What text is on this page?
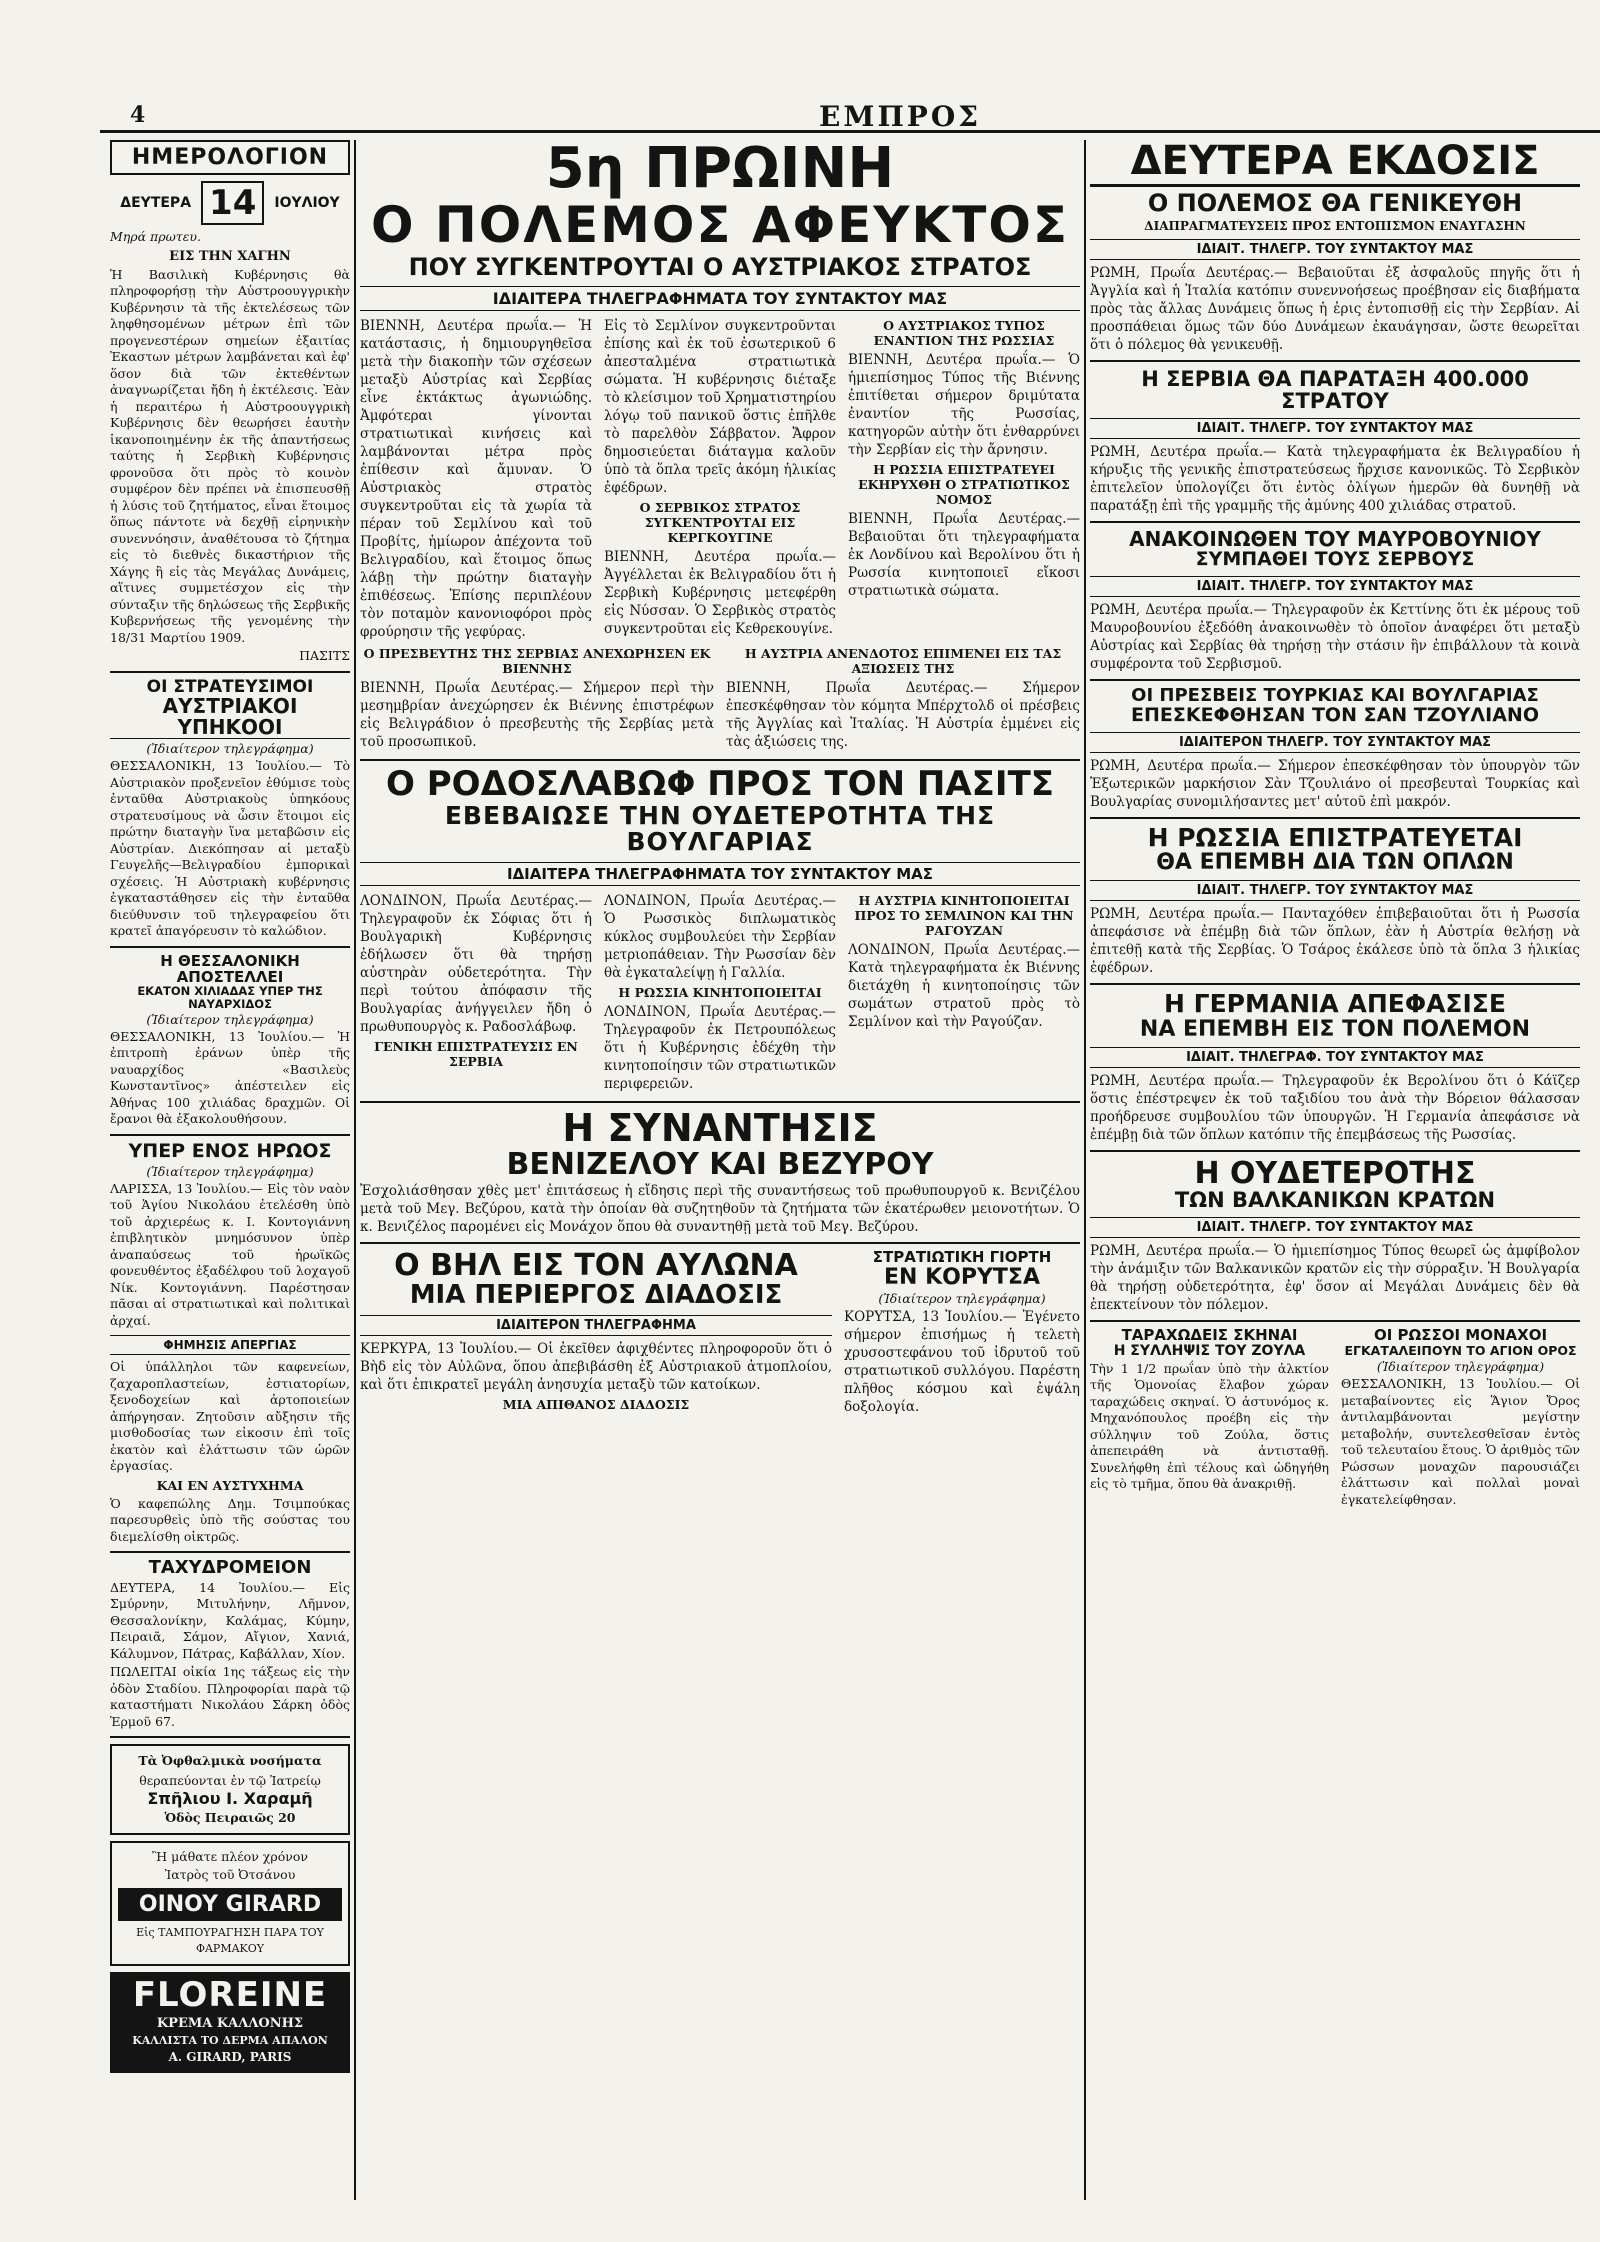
4	ΕΜΠΡΟΣ
ΗΜΕΡΟΛΟΓΙΟΝ
ΔΕΥΤΕΡΑ 14	ΙΟΥΛΙΟΥ
Μηρά πρωτευ.
ΕΙΣ ΤΗΝ ΧΑΓΗΝ
Ἡ Βασιλικὴ Κυβέρνησις θὰ πληροφορήσῃ τὴν Αὐστροουγγρικὴν Κυβέρνησιν τὰ τῆς ἐκτελέσεως τῶν ληφθησομένων μέτρων ἐπὶ τῶν προγενεστέρων σημείων ἐξαιτίας Ἐκαστων μέτρων λαμβάνεται καὶ ἐφ' ὅσον διὰ τῶν ἐκτεθέντων ἀναγνωρίζεται ἤδη ἡ ἐκτέλεσις. Ἐὰν ἡ περαιτέρω ἡ Αὐστροουγγρικὴ Κυβέρνησις δὲν θεωρήσει ἑαυτὴν ἱκανοποιημένην ἐκ τῆς ἀπαντήσεως ταύτης ἡ Σερβικὴ Κυβέρνησις φρονοῦσα ὅτι πρὸς τὸ κοινὸν συμφέρον δὲν πρέπει νὰ ἐπισπευσθῇ ἡ λύσις τοῦ ζητήματος, εἶναι ἕτοιμος ὅπως πάντοτε νὰ δεχθῇ εἰρηνικὴν συνεννόησιν, ἀναθέτουσα τὸ ζήτημα εἰς τὸ διεθνὲς δικαστήριον τῆς Χάγης ἢ εἰς τὰς Μεγάλας Δυνάμεις, αἵτινες συμμετέσχον εἰς τὴν σύνταξιν τῆς δηλώσεως τῆς Σερβικῆς Κυβερνήσεως τῆς γενομένης τὴν 18/31 Μαρτίου 1909.
ΠΑΣΙΤΣ
ΟΙ ΣΤΡΑΤΕΥΣΙΜΟΙ
ΑΥΣΤΡΙΑΚΟΙ ΥΠΗΚΟΟΙ
(Ἰδιαίτερον τηλεγράφημα)
ΘΕΣΣΑΛΟΝΙΚΗ, 13 Ἰουλίου.— Τὸ Αὐστριακὸν προξενεῖον ἐθύμισε τοὺς ἐνταῦθα Αὐστριακοὺς ὑπηκόους στρατευσίμους νὰ ὦσιν ἕτοιμοι εἰς πρώτην διαταγὴν ἵνα μεταβῶσιν εἰς Αὐστρίαν. Διεκόπησαν αἱ μεταξὺ Γευγελῆς—Βελιγραδίου ἐμπορικαὶ σχέσεις. Ἡ Αὐστριακὴ κυβέρνησις ἐγκαταστάθησεν εἰς τὴν ἐνταῦθα διεύθυνσιν τοῦ τηλεγραφείου ὅτι κρατεῖ ἀπαγόρευσιν τὸ καλώδιον.
Η ΘΕΣΣΑΛΟΝΙΚΗ ΑΠΟΣΤΕΛΛΕΙ
ΕΚΑΤΟΝ ΧΙΛΙΑΔΑΣ ΥΠΕΡ ΤΗΣ ΝΑΥΑΡΧΙΔΟΣ
(Ἰδιαίτερον τηλεγράφημα)
ΘΕΣΣΑΛΟΝΙΚΗ, 13 Ἰουλίου.— Ἡ ἐπιτροπὴ ἐράνων ὑπὲρ τῆς ναυαρχίδος «Βασιλεὺς Κωνσταντῖνος» ἀπέστειλεν εἰς Ἀθήνας 100 χιλιάδας δραχμῶν. Οἱ ἔρανοι θὰ ἐξακολουθήσουν.
ΥΠΕΡ ΕΝΟΣ ΗΡΩΟΣ
(Ἰδιαίτερον τηλεγράφημα)
ΛΑΡΙΣΣΑ, 13 Ἰουλίου.— Εἰς τὸν ναὸν τοῦ Ἁγίου Νικολάου ἐτελέσθη ὑπὸ τοῦ ἀρχιερέως κ. Ι. Κοντογιάννη ἐπιβλητικὸν μνημόσυνον ὑπὲρ ἀναπαύσεως τοῦ ἡρωϊκῶς φονευθέντος ἐξαδέλφου τοῦ λοχαγοῦ Νίκ. Κοντογιάννη. Παρέστησαν πᾶσαι αἱ στρατιωτικαὶ καὶ πολιτικαὶ ἀρχαί.
ΦΗΜΗΣΙΣ ΑΠΕΡΓΙΑΣ
Οἱ ὑπάλληλοι τῶν καφενείων, ζαχαροπλαστείων, ἑστιατορίων, ξενοδοχείων καὶ ἀρτοποιείων ἀπήργησαν. Ζητοῦσιν αὔξησιν τῆς μισθοδοσίας των εἰκοσιν ἐπὶ τοῖς ἑκατὸν καὶ ἐλάττωσιν τῶν ὡρῶν ἐργασίας.
ΚΑΙ ΕΝ ΑΥΣΤΥΧΗΜΑ
Ὁ καφεπώλης Δημ. Τσιμπούκας παρεσυρθεὶς ὑπὸ τῆς σούστας του διεμελίσθη οἰκτρῶς.
ΤΑΧΥΔΡΟΜΕΙΟΝ
ΔΕΥΤΕΡΑ, 14 Ἰουλίου.— Εἰς Σμύρνην, Μιτυλήνην, Λῆμνον, Θεσσαλονίκην, Καλάμας, Κύμην, Πειραιᾶ, Σάμον, Αἴγιον, Χανιά, Κάλυμνον, Πάτρας, Καβάλλαν, Χίον.
ΠΩΛΕΙΤΑΙ οἰκία 1ης τάξεως εἰς τὴν ὁδὸν Σταδίου. Πληροφορίαι παρὰ τῷ καταστήματι Νικολάου Σάρκη ὁδὸς Ἑρμοῦ 67.
Τὰ Ὀφθαλμικὰ νοσήματα
θεραπεύονται ἐν τῷ Ἰατρείῳ
Σπῆλιου Ι. Χαραμῆ
Ὁδὸς Πειραιῶς 20
Ἢ μάθατε πλέον χρόνον
Ἰατρὸς τοῦ Ὀτσάνου
OINOY GIRARD
Εἰς ΤΑΜΠΟΥΡΑΓΗΣΗ ΠΑΡΑ ΤΟΥ ΦΑΡΜΑΚΟΥ
FLOREINE
ΚΡΕΜΑ ΚΑΛΛΟΝΗΣ
ΚΑΛΛΙΣΤΑ ΤΟ ΔΕΡΜΑ ΑΠΑΛΟΝ
A. GIRARD, PARIS
5η ΠΡΩΙΝΗ
Ο ΠΟΛΕΜΟΣ ΑΦΕΥΚΤΟΣ
ΠΟΥ ΣΥΓΚΕΝΤΡΟΥΤΑΙ Ο ΑΥΣΤΡΙΑΚΟΣ ΣΤΡΑΤΟΣ
ΙΔΙΑΙΤΕΡΑ ΤΗΛΕΓΡΑΦΗΜΑΤΑ ΤΟΥ ΣΥΝΤΑΚΤΟΥ ΜΑΣ
ΒΙΕΝΝΗ, Δευτέρα πρωΐα.— Ἡ κατάστασις, ἡ δημιουργηθεῖσα μετὰ τὴν διακοπὴν τῶν σχέσεων μεταξὺ Αὐστρίας καὶ Σερβίας εἶνε ἐκτάκτως ἀγωνιώδης. Ἀμφότεραι γίνονται στρατιωτικαὶ κινήσεις καὶ λαμβάνονται μέτρα πρὸς ἐπίθεσιν καὶ ἄμυναν. Ὁ Αὐστριακὸς στρατὸς συγκεντροῦται εἰς τὰ χωρία τὰ πέραν τοῦ Σεμλίνου καὶ τοῦ Προβίτς, ἡμίωρον ἀπέχοντα τοῦ Βελιγραδίου, καὶ ἕτοιμος ὅπως λάβῃ τὴν πρώτην διαταγὴν ἐπιθέσεως. Ἐπίσης περιπλέουν τὸν ποταμὸν κανονιοφόροι πρὸς φρούρησιν τῆς γεφύρας.
Εἰς τὸ Σεμλίνον συγκεντροῦνται ἐπίσης καὶ ἐκ τοῦ ἐσωτερικοῦ 6 ἀπεσταλμένα στρατιωτικὰ σώματα. Ἡ κυβέρνησις διέταξε τὸ κλείσιμον τοῦ Χρηματιστηρίου λόγῳ τοῦ πανικοῦ ὅστις ἐπῆλθε τὸ παρελθὸν Σάββατον. Ἄφρον δημοσιεύεται διάταγμα καλοῦν ὑπὸ τὰ ὅπλα τρεῖς ἀκόμη ἡλικίας ἐφέδρων.
Ο ΣΕΡΒΙΚΟΣ ΣΤΡΑΤΟΣ ΣΥΓΚΕΝΤΡΟΥΤΑΙ ΕΙΣ ΚΕΡΓΚΟΥΓΙΝΕ
ΒΙΕΝΝΗ, Δευτέρα πρωΐα.— Ἀγγέλλεται ἐκ Βελιγραδίου ὅτι ἡ Σερβικὴ Κυβέρνησις μετεφέρθη εἰς Νύσσαν. Ὁ Σερβικὸς στρατὸς συγκεντροῦται εἰς Κεθρεκουγίνε.
Ο ΑΥΣΤΡΙΑΚΟΣ ΤΥΠΟΣ ΕΝΑΝΤΙΟΝ ΤΗΣ ΡΩΣΣΙΑΣ
ΒΙΕΝΝΗ, Δευτέρα πρωΐα.— Ὁ ἡμιεπίσημος Τύπος τῆς Βιέννης ἐπιτίθεται σήμερον δριμύτατα ἐναντίον τῆς Ρωσσίας, κατηγορῶν αὐτὴν ὅτι ἐνθαρρύνει τὴν Σερβίαν εἰς τὴν ἄρνησιν.
Η ΡΩΣΣΙΑ ΕΠΙΣΤΡΑΤΕΥΕΙ ΕΚΗΡΥΧΘΗ Ο ΣΤΡΑΤΙΩΤΙΚΟΣ ΝΟΜΟΣ
ΒΙΕΝΝΗ, Πρωΐα Δευτέρας.— Βεβαιοῦται ὅτι τηλεγραφήματα ἐκ Λονδίνου καὶ Βερολίνου ὅτι ἡ Ρωσσία κινητοποιεῖ εἴκοσι στρατιωτικὰ σώματα.
Ο ΠΡΕΣΒΕΥΤΗΣ ΤΗΣ ΣΕΡΒΙΑΣ ΑΝΕΧΩΡΗΣΕΝ ΕΚ ΒΙΕΝΝΗΣ
ΒΙΕΝΝΗ, Πρωΐα Δευτέρας.— Σήμερον περὶ τὴν μεσημβρίαν ἀνεχώρησεν ἐκ Βιέννης ἐπιστρέφων εἰς Βελιγράδιον ὁ πρεσβευτὴς τῆς Σερβίας μετὰ τοῦ προσωπικοῦ.
Η ΑΥΣΤΡΙΑ ΑΝΕΝΔΟΤΟΣ ΕΠΙΜΕΝΕΙ ΕΙΣ ΤΑΣ ΑΞΙΩΣΕΙΣ ΤΗΣ
ΒΙΕΝΝΗ, Πρωΐα Δευτέρας.— Σήμερον ἐπεσκέφθησαν τὸν κόμητα Μπέρχτολδ οἱ πρέσβεις τῆς Ἀγγλίας καὶ Ἰταλίας. Ἡ Αὐστρία ἐμμένει εἰς τὰς ἀξιώσεις της.
Ο ΡΟΔΟΣΛΑΒΩΦ ΠΡΟΣ ΤΟΝ ΠΑΣΙΤΣ
ΕΒΕΒΑΙΩΣΕ ΤΗΝ ΟΥΔΕΤΕΡΟΤΗΤΑ ΤΗΣ ΒΟΥΛΓΑΡΙΑΣ
ΙΔΙΑΙΤΕΡΑ ΤΗΛΕΓΡΑΦΗΜΑΤΑ ΤΟΥ ΣΥΝΤΑΚΤΟΥ ΜΑΣ
ΛΟΝΔΙΝΟΝ, Πρωΐα Δευτέρας.— Τηλεγραφοῦν ἐκ Σόφιας ὅτι ἡ Βουλγαρικὴ Κυβέρνησις ἐδήλωσεν ὅτι θὰ τηρήσῃ αὐστηρὰν οὐδετερότητα. Τὴν περὶ τούτου ἀπόφασιν τῆς Βουλγαρίας ἀνήγγειλεν ἤδη ὁ πρωθυπουργὸς κ. Ραδοσλάβωφ.
ΓΕΝΙΚΗ ΕΠΙΣΤΡΑΤΕΥΣΙΣ ΕΝ ΣΕΡΒΙΑ
ΛΟΝΔΙΝΟΝ, Πρωΐα Δευτέρας.— Ὁ Ρωσσικὸς διπλωματικὸς κύκλος συμβουλεύει τὴν Σερβίαν μετριοπάθειαν. Τὴν Ρωσσίαν δὲν θὰ ἐγκαταλείψῃ ἡ Γαλλία.
Η ΡΩΣΣΙΑ ΚΙΝΗΤΟΠΟΙΕΙΤΑΙ
ΛΟΝΔΙΝΟΝ, Πρωΐα Δευτέρας.— Τηλεγραφοῦν ἐκ Πετρουπόλεως ὅτι ἡ Κυβέρνησις ἐδέχθη τὴν κινητοποίησιν τῶν στρατιωτικῶν περιφερειῶν.
Η ΑΥΣΤΡΙΑ ΚΙΝΗΤΟΠΟΙΕΙΤΑΙ ΠΡΟΣ ΤΟ ΣΕΜΛΙΝΟΝ ΚΑΙ ΤΗΝ ΡΑΓΟΥΖΑΝ
ΛΟΝΔΙΝΟΝ, Πρωΐα Δευτέρας.— Κατὰ τηλεγραφήματα ἐκ Βιέννης διετάχθη ἡ κινητοποίησις τῶν σωμάτων στρατοῦ πρὸς τὸ Σεμλίνον καὶ τὴν Ραγούζαν.
Η ΣΥΝΑΝΤΗΣΙΣ
ΒΕΝΙΖΕΛΟΥ ΚΑΙ ΒΕΖΥΡΟΥ
Ἐσχολιάσθησαν χθὲς μετ' ἐπιτάσεως ἡ εἴδησις περὶ τῆς συναντήσεως τοῦ πρωθυπουργοῦ κ. Βενιζέλου μετὰ τοῦ Μεγ. Βεζύρου, κατὰ τὴν ὁποίαν θὰ συζητηθοῦν τὰ ζητήματα τῶν ἑκατέρωθεν μειονοτήτων. Ὁ κ. Βενιζέλος παρομένει εἰς Μονάχον ὅπου θὰ συναντηθῇ μετὰ τοῦ Μεγ. Βεζύρου.
Ο ΒΗΛ ΕΙΣ ΤΟΝ ΑΥΛΩΝΑ
ΜΙΑ ΠΕΡΙΕΡΓΟΣ ΔΙΑΔΟΣΙΣ
ΙΔΙΑΙΤΕΡΟΝ ΤΗΛΕΓΡΑΦΗΜΑ
ΚΕΡΚΥΡΑ, 13 Ἰουλίου.— Οἱ ἐκεῖθεν ἀφιχθέντες πληροφοροῦν ὅτι ὁ Βὴδ εἰς τὸν Αὐλῶνα, ὅπου ἀπεβιβάσθη ἐξ Αὐστριακοῦ ἀτμοπλοίου, καὶ ὅτι ἐπικρατεῖ μεγάλη ἀνησυχία μεταξὺ τῶν κατοίκων.
ΜΙΑ ΑΠΙΘΑΝΟΣ ΔΙΑΔΟΣΙΣ
ΣΤΡΑΤΙΩΤΙΚΗ ΓΙΟΡΤΗ
ΕΝ ΚΟΡΥΤΣΑ
(Ἰδιαίτερον τηλεγράφημα)
ΚΟΡΥΤΣΑ, 13 Ἰουλίου.— Ἐγένετο σήμερον ἐπισήμως ἡ τελετὴ χρυσοστεφάνου τοῦ ἰδρυτοῦ τοῦ στρατιωτικοῦ συλλόγου. Παρέστη πλῆθος κόσμου καὶ ἐψάλη δοξολογία.
ΔΕΥΤΕΡΑ ΕΚΔΟΣΙΣ
Ο ΠΟΛΕΜΟΣ ΘΑ ΓΕΝΙΚΕΥΘΗ
ΔΙΑΠΡΑΓΜΑΤΕΥΣΕΙΣ ΠΡΟΣ ΕΝΤΟΠΙΣΜΟΝ ΕΝΑΥΓΑΣΗΝ
ΙΔΙΑΙΤ. ΤΗΛΕΓΡ. ΤΟΥ ΣΥΝΤΑΚΤΟΥ ΜΑΣ
ΡΩΜΗ, Πρωΐα Δευτέρας.— Βεβαιοῦται ἐξ ἀσφαλοῦς πηγῆς ὅτι ἡ Ἀγγλία καὶ ἡ Ἰταλία κατόπιν συνεννοήσεως προέβησαν εἰς διαβήματα πρὸς τὰς ἄλλας Δυνάμεις ὅπως ἡ ἐρις ἐντοπισθῇ εἰς τὴν Σερβίαν. Αἱ προσπάθειαι ὅμως τῶν δύο Δυνάμεων ἐκαυάγησαν, ὥστε θεωρεῖται ὅτι ὁ πόλεμος θὰ γενικευθῇ.
Η ΣΕΡΒΙΑ ΘΑ ΠΑΡΑΤΑΞΗ 400.000 ΣΤΡΑΤΟΥ
ΙΔΙΑΙΤ. ΤΗΛΕΓΡ. ΤΟΥ ΣΥΝΤΑΚΤΟΥ ΜΑΣ
ΡΩΜΗ, Δευτέρα πρωΐα.— Κατὰ τηλεγραφήματα ἐκ Βελιγραδίου ἡ κήρυξις τῆς γενικῆς ἐπιστρατεύσεως ἤρχισε κανονικῶς. Τὸ Σερβικὸν ἐπιτελεῖον ὑπολογίζει ὅτι ἐντὸς ὀλίγων ἡμερῶν θὰ δυνηθῇ νὰ παρατάξῃ ἐπὶ τῆς γραμμῆς τῆς ἀμύνης 400 χιλιάδας στρατοῦ.
ΑΝΑΚΟΙΝΩΘΕΝ ΤΟΥ ΜΑΥΡΟΒΟΥΝΙΟΥ
ΣΥΜΠΑΘΕΙ ΤΟΥΣ ΣΕΡΒΟΥΣ
ΙΔΙΑΙΤ. ΤΗΛΕΓΡ. ΤΟΥ ΣΥΝΤΑΚΤΟΥ ΜΑΣ
ΡΩΜΗ, Δευτέρα πρωΐα.— Τηλεγραφοῦν ἐκ Κεττίνης ὅτι ἐκ μέρους τοῦ Μαυροβουνίου ἐξεδόθη ἀνακοινωθὲν τὸ ὁποῖον ἀναφέρει ὅτι μεταξὺ Αὐστρίας καὶ Σερβίας θὰ τηρήσῃ τὴν στάσιν ἣν ἐπιβάλλουν τὰ κοινὰ συμφέροντα τοῦ Σερβισμοῦ.
ΟΙ ΠΡΕΣΒΕΙΣ ΤΟΥΡΚΙΑΣ ΚΑΙ ΒΟΥΛΓΑΡΙΑΣ
ΕΠΕΣΚΕΦΘΗΣΑΝ ΤΟΝ ΣΑΝ ΤΖΟΥΛΙΑΝΟ
ΙΔΙΑΙΤΕΡΟΝ ΤΗΛΕΓΡ. ΤΟΥ ΣΥΝΤΑΚΤΟΥ ΜΑΣ
ΡΩΜΗ, Δευτέρα πρωΐα.— Σήμερον ἐπεσκέφθησαν τὸν ὑπουργὸν τῶν Ἐξωτερικῶν μαρκήσιον Σὰν Τζουλιάνο οἱ πρεσβευταὶ Τουρκίας καὶ Βουλγαρίας συνομιλήσαντες μετ' αὐτοῦ ἐπὶ μακρόν.
Η ΡΩΣΣΙΑ ΕΠΙΣΤΡΑΤΕΥΕΤΑΙ
ΘΑ ΕΠΕΜΒΗ ΔΙΑ ΤΩΝ ΟΠΛΩΝ
ΙΔΙΑΙΤ. ΤΗΛΕΓΡ. ΤΟΥ ΣΥΝΤΑΚΤΟΥ ΜΑΣ
ΡΩΜΗ, Δευτέρα πρωΐα.— Πανταχόθεν ἐπιβεβαιοῦται ὅτι ἡ Ρωσσία ἀπεφάσισε νὰ ἐπέμβῃ διὰ τῶν ὅπλων, ἐὰν ἡ Αὐστρία θελήσῃ νὰ ἐπιτεθῇ κατὰ τῆς Σερβίας. Ὁ Τσάρος ἐκάλεσε ὑπὸ τὰ ὅπλα 3 ἡλικίας ἐφέδρων.
Η ΓΕΡΜΑΝΙΑ ΑΠΕΦΑΣΙΣΕ
ΝΑ ΕΠΕΜΒΗ ΕΙΣ ΤΟΝ ΠΟΛΕΜΟΝ
ΙΔΙΑΙΤ. ΤΗΛΕΓΡΑΦ. ΤΟΥ ΣΥΝΤΑΚΤΟΥ ΜΑΣ
ΡΩΜΗ, Δευτέρα πρωΐα.— Τηλεγραφοῦν ἐκ Βερολίνου ὅτι ὁ Κάϊζερ ὅστις ἐπέστρεψεν ἐκ τοῦ ταξιδίου του ἀνὰ τὴν Βόρειον θάλασσαν προήδρευσε συμβουλίου τῶν ὑπουργῶν. Ἡ Γερμανία ἀπεφάσισε νὰ ἐπέμβῃ διὰ τῶν ὅπλων κατόπιν τῆς ἐπεμβάσεως τῆς Ρωσσίας.
Η ΟΥΔΕΤΕΡΟΤΗΣ
ΤΩΝ ΒΑΛΚΑΝΙΚΩΝ ΚΡΑΤΩΝ
ΙΔΙΑΙΤ. ΤΗΛΕΓΡ. ΤΟΥ ΣΥΝΤΑΚΤΟΥ ΜΑΣ
ΡΩΜΗ, Δευτέρα πρωΐα.— Ὁ ἡμιεπίσημος Τύπος θεωρεῖ ὡς ἀμφίβολον τὴν ἀνάμιξιν τῶν Βαλκανικῶν κρατῶν εἰς τὴν σύρραξιν. Ἡ Βουλγαρία θὰ τηρήσῃ οὐδετερότητα, ἐφ' ὅσον αἱ Μεγάλαι Δυνάμεις δὲν θὰ ἐπεκτείνουν τὸν πόλεμον.
ΤΑΡΑΧΩΔΕΙΣ ΣΚΗΝΑΙ
Η ΣΥΛΛΗΨΙΣ ΤΟΥ ΖΟΥΛΑ
Τὴν 1 1/2 πρωΐαν ὑπὸ τὴν ἀλκτίον τῆς Ὁμονοίας ἔλαβον χώραν ταραχώδεις σκηναί. Ὁ ἀστυνόμος κ. Μηχανόπουλος προέβη εἰς τὴν σύλληψιν τοῦ Ζούλα, ὅστις ἀπεπειράθη νὰ ἀντισταθῇ. Συνελήφθη ἐπὶ τέλους καὶ ὡδηγήθη εἰς τὸ τμῆμα, ὅπου θὰ ἀνακριθῇ.
ΟΙ ΡΩΣΣΟΙ ΜΟΝΑΧΟΙ
ΕΓΚΑΤΑΛΕΙΠΟΥΝ ΤΟ ΑΓΙΟΝ ΟΡΟΣ
(Ἰδιαίτερον τηλεγράφημα)
ΘΕΣΣΑΛΟΝΙΚΗ, 13 Ἰουλίου.— Οἱ μεταβαίνοντες εἰς Ἅγιον Ὄρος ἀντιλαμβάνονται μεγίστην μεταβολήν, συντελεσθεῖσαν ἐντὸς τοῦ τελευταίου ἔτους. Ὁ ἀριθμὸς τῶν Ρώσσων μοναχῶν παρουσιάζει ἐλάττωσιν καὶ πολλαὶ μοναὶ ἐγκατελείφθησαν.
